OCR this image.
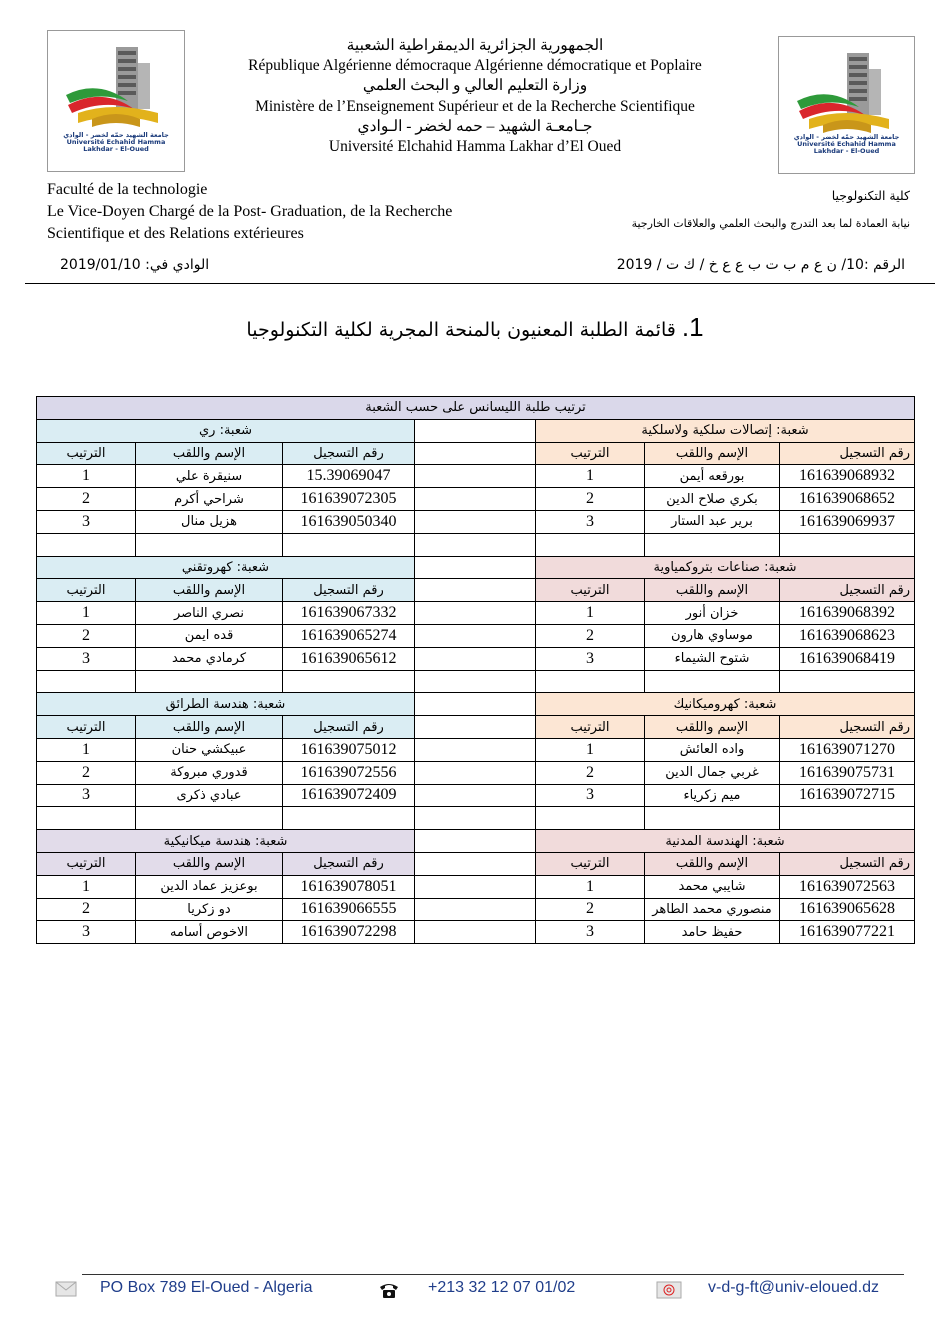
جامعة الشهيد حمّه لخضر - الوادي
Université Echahid Hamma Lakhdar - El-Oued
جامعة الشهيد حمّه لخضر - الوادي
Université Echahid Hamma Lakhdar - El-Oued
الجمهورية الجزائرية الديمقراطية الشعبية
République Algérienne démocraque Algérienne démocratique et Poplaire
وزارة التعليم العالي و البحث العلمي
Ministère de l’Enseignement Supérieur et de la Recherche Scientifique
جـامعـة الشهيد – حمه لخضر - الـوادي
Université Elchahid Hamma Lakhar d’El Oued
Faculté de la technologie
Le Vice-Doyen Chargé de la Post- Graduation, de la Recherche
Scientifique et des Relations extérieures
كلية التكنولوجيا
نيابة العمادة لما بعد التدرج والبحث العلمي والعلاقات الخارجية
الوادي في: 2019/01/10	الرقم :10/ ن ع م ب ت ب ع ع خ / ك ت / 2019
1. قائمة الطلبة المعنيون بالمنحة المجرية لكلية التكنولوجيا
ترتيب طلبة الليسانس على حسب الشعبة						
شعبة: ري				شعبة: إتصالات سلكية ولاسلكية		
الترتيب	الإسم واللقب	رقم التسجيل		الترتيب	الإسم واللقب	رقم التسجيل
1	سنيقرة علي	15.39069047		1	بورقعه أيمن	161639068932
2	شراحي أكرم	161639072305		2	بكري صلاح الدين	161639068652
3	هزيل منال	161639050340		3	برير عبد الستار	161639069937

شعبة: كهروتقني				شعبة: صناعات بتروكمياوية		
الترتيب	الإسم واللقب	رقم التسجيل		الترتيب	الإسم واللقب	رقم التسجيل
1	نصري الناصر	161639067332		1	خزان أنور	161639068392
2	قده ايمن	161639065274		2	موساوي هارون	161639068623
3	كرمادي محمد	161639065612		3	شتوح الشيماء	161639068419

شعبة: هندسة الطرائق				شعبة: كهروميكانيك		
الترتيب	الإسم واللقب	رقم التسجيل		الترتيب	الإسم واللقب	رقم التسجيل
1	عبيكشي حنان	161639075012		1	واده العائش	161639071270
2	قدوري مبروكة	161639072556		2	غربي جمال الدين	161639075731
3	عبادي ذكرى	161639072409		3	ميم زكرياء	161639072715

شعبة: هندسة ميكانيكية				شعبة: الهندسة المدنية		
الترتيب	الإسم واللقب	رقم التسجيل		الترتيب	الإسم واللقب	رقم التسجيل
1	بوعزيز عماد الدين	161639078051		1	شايبي محمد	161639072563
2	دو زكريا	161639066555		2	منصوري محمد الطاهر	161639065628
3	الاخوص أسامه	161639072298		3	حفيظ حامد	161639077221
PO Box 789 El-Oued - Algeria	+213 32 12 07 01/02	v-d-g-ft@univ-eloued.dz
